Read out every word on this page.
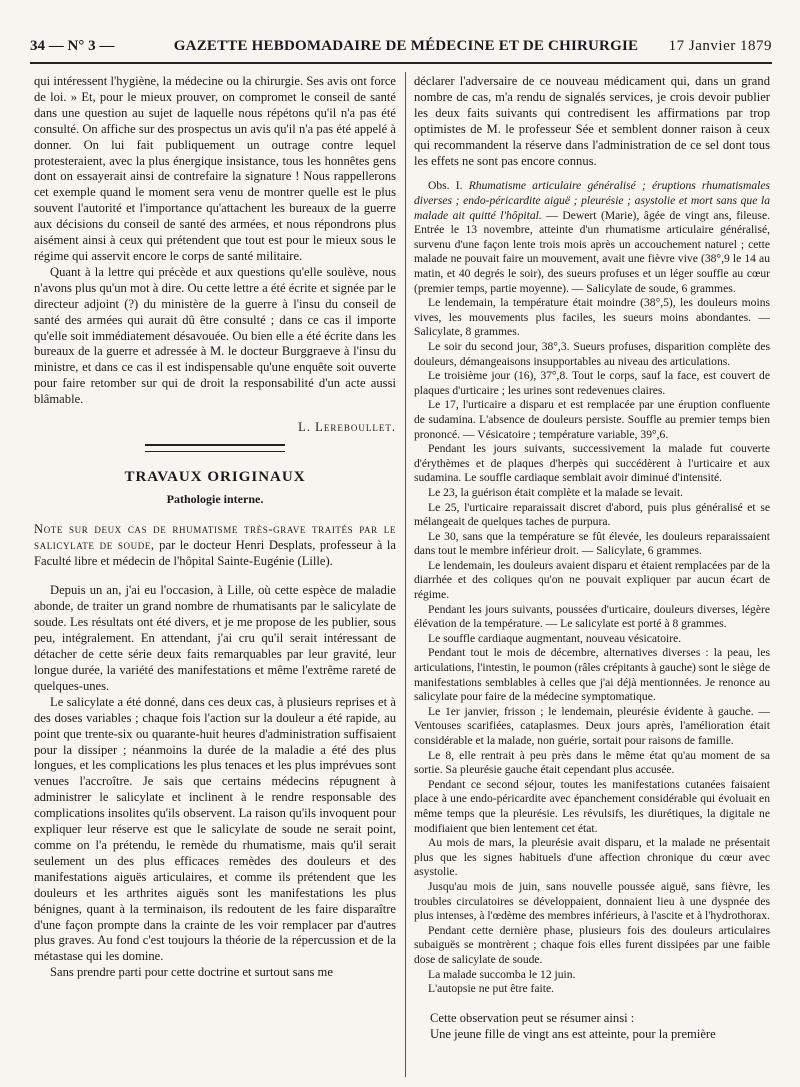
34 — N° 3 —	GAZETTE HEBDOMADAIRE DE MÉDECINE ET DE CHIRURGIE	17 Janvier 1879

qui intéressent l'hygiène, la médecine ou la chirurgie. Ses avis ont force de loi. » Et, pour le mieux prouver, on compromet le conseil de santé dans une question au sujet de laquelle nous répétons qu'il n'a pas été consulté. On affiche sur des prospectus un avis qu'il n'a pas été appelé à donner. On lui fait publiquement un outrage contre lequel protesteraient, avec la plus énergique insistance, tous les honnêtes gens dont on essayerait ainsi de contrefaire la signature ! Nous rappellerons cet exemple quand le moment sera venu de montrer quelle est le plus souvent l'autorité et l'importance qu'attachent les bureaux de la guerre aux décisions du conseil de santé des armées, et nous répondrons plus aisément ainsi à ceux qui prétendent que tout est pour le mieux sous le régime qui asservit encore le corps de santé militaire.

Quant à la lettre qui précède et aux questions qu'elle soulève, nous n'avons plus qu'un mot à dire. Ou cette lettre a été écrite et signée par le directeur adjoint (?) du ministère de la guerre à l'insu du conseil de santé des armées qui aurait dû être consulté ; dans ce cas il importe qu'elle soit immédiatement désavouée. Ou bien elle a été écrite dans les bureaux de la guerre et adressée à M. le docteur Burggraeve à l'insu du ministre, et dans ce cas il est indispensable qu'une enquête soit ouverte pour faire retomber sur qui de droit la responsabilité d'un acte aussi blâmable.

L. Lereboullet.
TRAVAUX ORIGINAUX
Pathologie interne.

Note sur deux cas de rhumatisme très-grave traités par le salicylate de soude, par le docteur Henri Desplats, professeur à la Faculté libre et médecin de l'hôpital Sainte-Eugénie (Lille).

Depuis un an, j'ai eu l'occasion, à Lille, où cette espèce de maladie abonde, de traiter un grand nombre de rhumatisants par le salicylate de soude. Les résultats ont été divers, et je me propose de les publier, sous peu, intégralement. En attendant, j'ai cru qu'il serait intéressant de détacher de cette série deux faits remarquables par leur gravité, leur longue durée, la variété des manifestations et même l'extrême rareté de quelques-unes.

Le salicylate a été donné, dans ces deux cas, à plusieurs reprises et à des doses variables ; chaque fois l'action sur la douleur a été rapide, au point que trente-six ou quarante-huit heures d'administration suffisaient pour la dissiper ; néanmoins la durée de la maladie a été des plus longues, et les complications les plus tenaces et les plus imprévues sont venues l'accroître. Je sais que certains médecins répugnent à administrer le salicylate et inclinent à le rendre responsable des complications insolites qu'ils observent. La raison qu'ils invoquent pour expliquer leur réserve est que le salicylate de soude ne serait point, comme on l'a prétendu, le remède du rhumatisme, mais qu'il serait seulement un des plus efficaces remèdes des douleurs et des manifestations aiguës articulaires, et comme ils prétendent que les douleurs et les arthrites aiguës sont les manifestations les plus bénignes, quant à la terminaison, ils redoutent de les faire disparaître d'une façon prompte dans la crainte de les voir remplacer par d'autres plus graves. Au fond c'est toujours la théorie de la répercussion et de la métastase qui les domine.

Sans prendre parti pour cette doctrine et surtout sans me

déclarer l'adversaire de ce nouveau médicament qui, dans un grand nombre de cas, m'a rendu de signalés services, je crois devoir publier les deux faits suivants qui contredisent les affirmations par trop optimistes de M. le professeur Sée et semblent donner raison à ceux qui recommandent la réserve dans l'administration de ce sel dont tous les effets ne sont pas encore connus.

Obs. I. Rhumatisme articulaire généralisé ; éruptions rhumatismales diverses ; endo-péricardite aiguë ; pleurésie ; asystolie et mort sans que la malade ait quitté l'hôpital. — Dewert (Marie), âgée de vingt ans, fileuse. Entrée le 13 novembre, atteinte d'un rhumatisme articulaire généralisé, survenu d'une façon lente trois mois après un accouchement naturel ; cette malade ne pouvait faire un mouvement, avait une fièvre vive (38°,9 le 14 au matin, et 40 degrés le soir), des sueurs profuses et un léger souffle au cœur (premier temps, partie moyenne). — Salicylate de soude, 6 grammes.

Le lendemain, la température était moindre (38°,5), les douleurs moins vives, les mouvements plus faciles, les sueurs moins abondantes. — Salicylate, 8 grammes.

Le soir du second jour, 38°,3. Sueurs profuses, disparition complète des douleurs, démangeaisons insupportables au niveau des articulations.

Le troisième jour (16), 37°,8. Tout le corps, sauf la face, est couvert de plaques d'urticaire ; les urines sont redevenues claires.

Le 17, l'urticaire a disparu et est remplacée par une éruption confluente de sudamina. L'absence de douleurs persiste. Souffle au premier temps bien prononcé. — Vésicatoire ; température variable, 39°,6.

Pendant les jours suivants, successivement la malade fut couverte d'érythèmes et de plaques d'herpès qui succédèrent à l'urticaire et aux sudamina. Le souffle cardiaque semblait avoir diminué d'intensité.

Le 23, la guérison était complète et la malade se levait.

Le 25, l'urticaire reparaissait discret d'abord, puis plus généralisé et se mélangeait de quelques taches de purpura.

Le 30, sans que la température se fût élevée, les douleurs reparaissaient dans tout le membre inférieur droit. — Salicylate, 6 grammes.

Le lendemain, les douleurs avaient disparu et étaient remplacées par de la diarrhée et des coliques qu'on ne pouvait expliquer par aucun écart de régime.

Pendant les jours suivants, poussées d'urticaire, douleurs diverses, légère élévation de la température. — Le salicylate est porté à 8 grammes.

Le souffle cardiaque augmentant, nouveau vésicatoire.

Pendant tout le mois de décembre, alternatives diverses : la peau, les articulations, l'intestin, le poumon (râles crépitants à gauche) sont le siège de manifestations semblables à celles que j'ai déjà mentionnées. Je renonce au salicylate pour faire de la médecine symptomatique.

Le 1er janvier, frisson ; le lendemain, pleurésie évidente à gauche. — Ventouses scarifiées, cataplasmes. Deux jours après, l'amélioration était considérable et la malade, non guérie, sortait pour raisons de famille.

Le 8, elle rentrait à peu près dans le même état qu'au moment de sa sortie. Sa pleurésie gauche était cependant plus accusée.

Pendant ce second séjour, toutes les manifestations cutanées faisaient place à une endo-péricardite avec épanchement considérable qui évoluait en même temps que la pleurésie. Les révulsifs, les diurétiques, la digitale ne modifiaient que bien lentement cet état.

Au mois de mars, la pleurésie avait disparu, et la malade ne présentait plus que les signes habituels d'une affection chronique du cœur avec asystolie.

Jusqu'au mois de juin, sans nouvelle poussée aiguë, sans fièvre, les troubles circulatoires se développaient, donnaient lieu à une dyspnée des plus intenses, à l'œdème des membres inférieurs, à l'ascite et à l'hydrothorax.

Pendant cette dernière phase, plusieurs fois des douleurs articulaires subaiguës se montrèrent ; chaque fois elles furent dissipées par une faible dose de salicylate de soude.

La malade succomba le 12 juin.

L'autopsie ne put être faite.

Cette observation peut se résumer ainsi :

Une jeune fille de vingt ans est atteinte, pour la première
